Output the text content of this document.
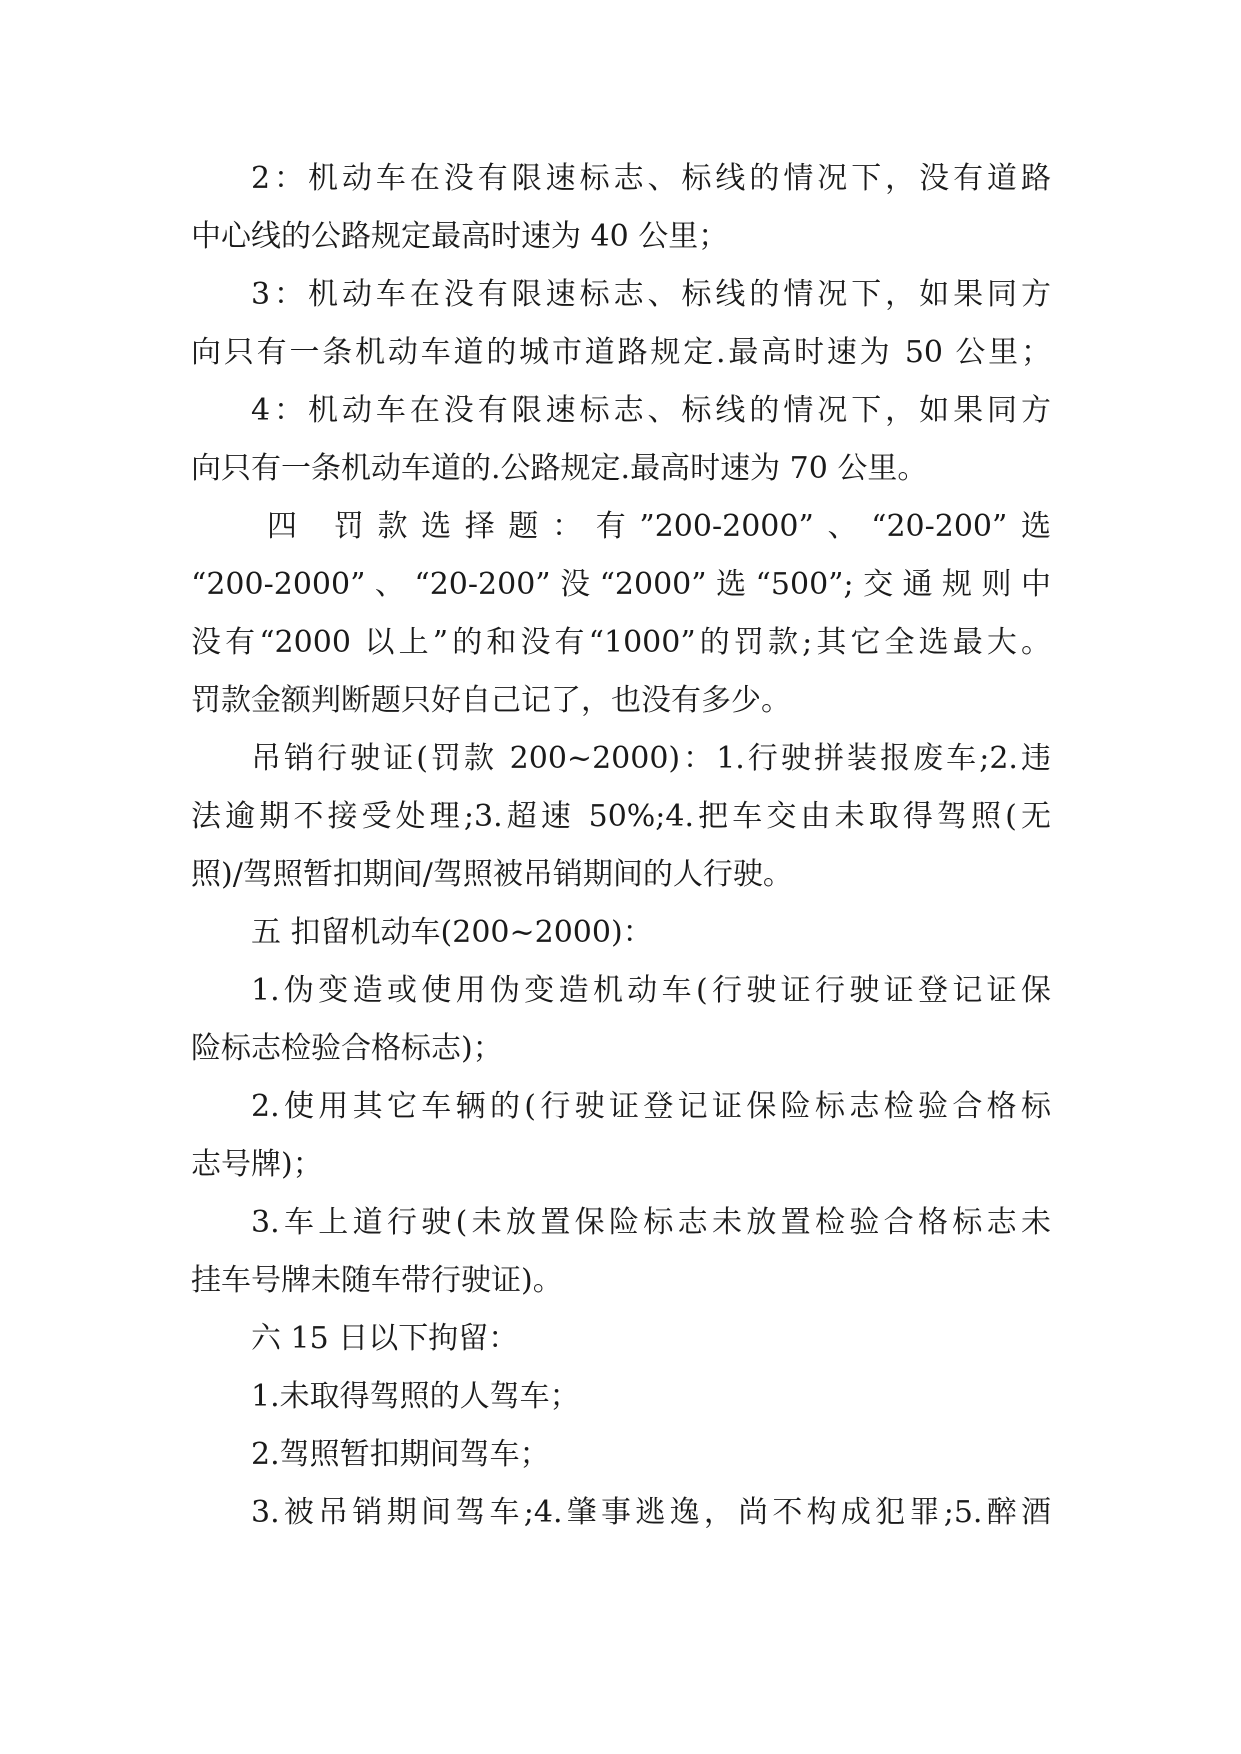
2：机动车在没有限速标志、标线的情况下，没有道路
中心线的公路规定最高时速为 40 公里；
3：机动车在没有限速标志、标线的情况下，如果同方
向只有一条机动车道的城市道路规定.最高时速为 50 公里；
4：机动车在没有限速标志、标线的情况下，如果同方
向只有一条机动车道的.公路规定.最高时速为 70 公里。
四 罚款选择题：有”200-2000”、“20-200”选
“200-2000”、“20-200”没“2000”选“500”;交通规则中
没有“2000 以上”的和没有“1000”的罚款;其它全选最大。
罚款金额判断题只好自己记了，也没有多少。
吊销行驶证(罚款 200~2000)：1.行驶拼装报废车;2.违
法逾期不接受处理;3.超速 50%;4.把车交由未取得驾照(无
照)/驾照暂扣期间/驾照被吊销期间的人行驶。
五 扣留机动车(200~2000)：
1.伪变造或使用伪变造机动车(行驶证行驶证登记证保
险标志检验合格标志)；
2.使用其它车辆的(行驶证登记证保险标志检验合格标
志号牌)；
3.车上道行驶(未放置保险标志未放置检验合格标志未
挂车号牌未随车带行驶证)。
六 15 日以下拘留：
1.未取得驾照的人驾车；
2.驾照暂扣期间驾车；
3.被吊销期间驾车;4.肇事逃逸，尚不构成犯罪;5.醉酒
